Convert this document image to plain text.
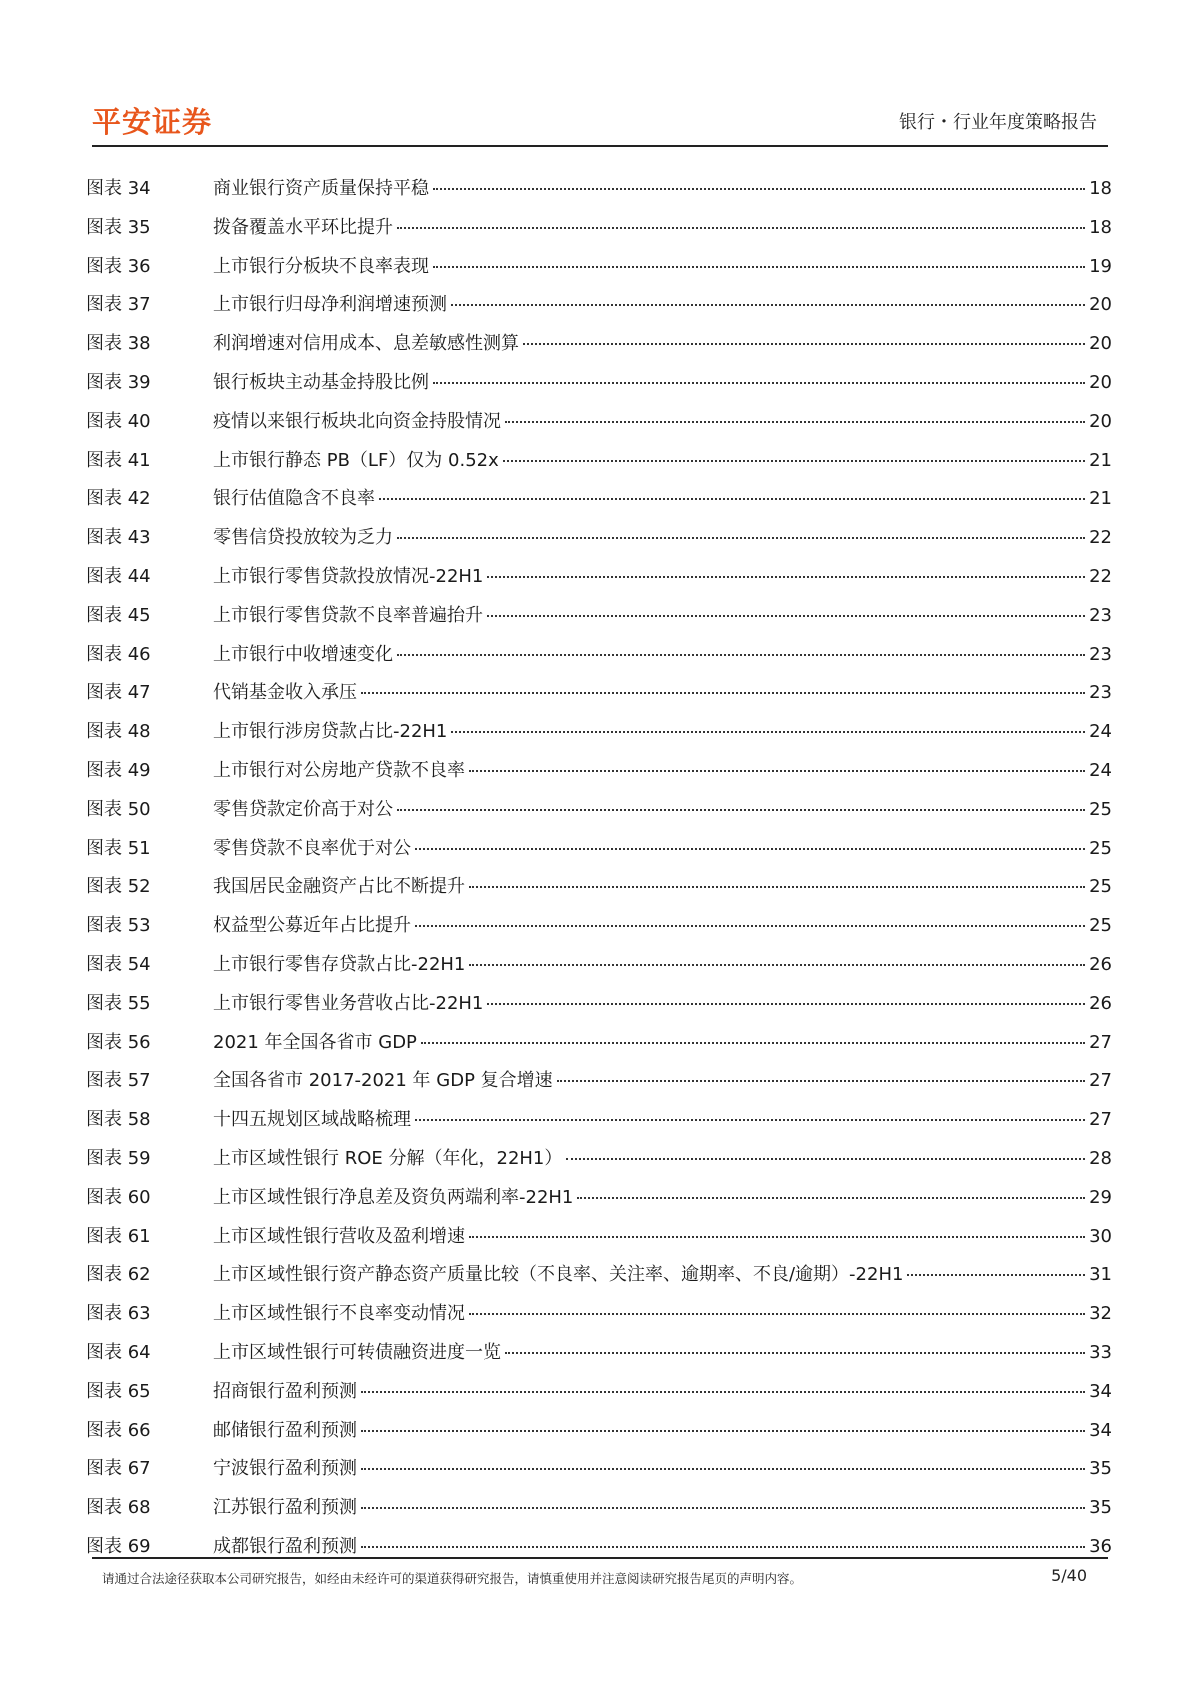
平安证券	银行・行业年度策略报告
图表 34	商业银行资产质量保持平稳	18
图表 35	拨备覆盖水平环比提升	18
图表 36	上市银行分板块不良率表现	19
图表 37	上市银行归母净利润增速预测	20
图表 38	利润增速对信用成本、息差敏感性测算	20
图表 39	银行板块主动基金持股比例	20
图表 40	疫情以来银行板块北向资金持股情况	20
图表 41	上市银行静态 PB（LF）仅为 0.52x	21
图表 42	银行估值隐含不良率	21
图表 43	零售信贷投放较为乏力	22
图表 44	上市银行零售贷款投放情况-22H1	22
图表 45	上市银行零售贷款不良率普遍抬升	23
图表 46	上市银行中收增速变化	23
图表 47	代销基金收入承压	23
图表 48	上市银行涉房贷款占比-22H1	24
图表 49	上市银行对公房地产贷款不良率	24
图表 50	零售贷款定价高于对公	25
图表 51	零售贷款不良率优于对公	25
图表 52	我国居民金融资产占比不断提升	25
图表 53	权益型公募近年占比提升	25
图表 54	上市银行零售存贷款占比-22H1	26
图表 55	上市银行零售业务营收占比-22H1	26
图表 56	2021 年全国各省市 GDP	27
图表 57	全国各省市 2017-2021 年 GDP 复合增速	27
图表 58	十四五规划区域战略梳理	27
图表 59	上市区域性银行 ROE 分解（年化，22H1）	28
图表 60	上市区域性银行净息差及资负两端利率-22H1	29
图表 61	上市区域性银行营收及盈利增速	30
图表 62	上市区域性银行资产静态资产质量比较（不良率、关注率、逾期率、不良/逾期）-22H1	31
图表 63	上市区域性银行不良率变动情况	32
图表 64	上市区域性银行可转债融资进度一览	33
图表 65	招商银行盈利预测	34
图表 66	邮储银行盈利预测	34
图表 67	宁波银行盈利预测	35
图表 68	江苏银行盈利预测	35
图表 69	成都银行盈利预测	36
请通过合法途径获取本公司研究报告，如经由未经许可的渠道获得研究报告，请慎重使用并注意阅读研究报告尾页的声明内容。	5/40
